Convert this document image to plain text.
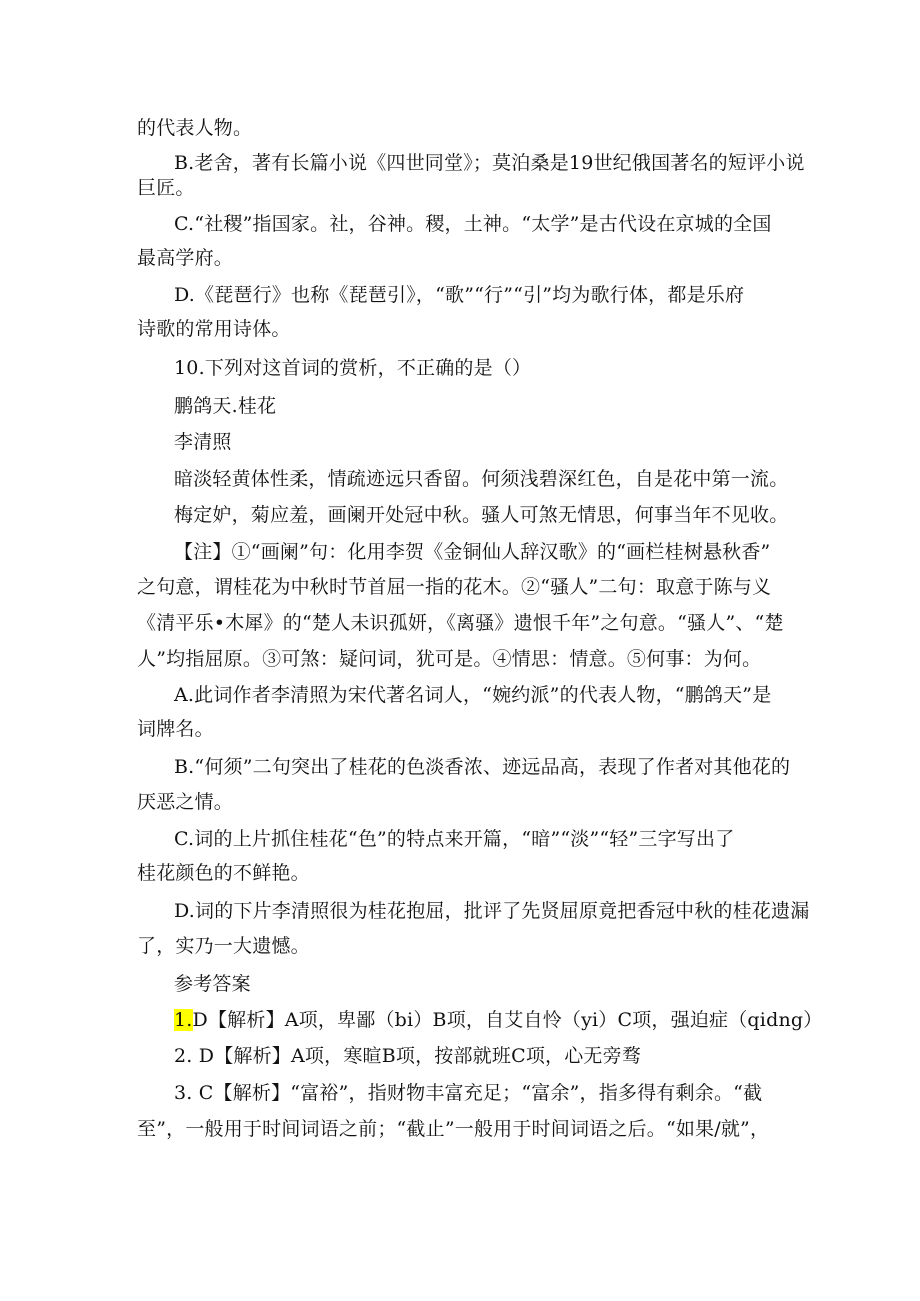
的代表人物。
B.老舍，著有长篇小说《四世同堂》；莫泊桑是19世纪俄国著名的短评小说
巨匠。
C.“社稷”指国家。社，谷神。稷，土神。“太学”是古代设在京城的全国
最高学府。
D.《琵琶行》也称《琵琶引》，“歌”“行”“引”均为歌行体，都是乐府
诗歌的常用诗体。
10.下列对这首词的赏析，不正确的是（）
鹏鸽天.桂花
李清照
暗淡轻黄体性柔，情疏迹远只香留。何须浅碧深红色，自是花中第一流。
梅定妒，菊应羞，画阑开处冠中秋。骚人可煞无情思，何事当年不见收。
【注】①“画阑”句：化用李贺《金铜仙人辞汉歌》的“画栏桂树悬秋香”
之句意，谓桂花为中秋时节首屈一指的花木。②“骚人”二句：取意于陈与义
《清平乐•木犀》的“楚人未识孤妍，《离骚》遗恨千年”之句意。“骚人”、“楚
人”均指屈原。③可煞：疑问词，犹可是。④情思：情意。⑤何事：为何。
A.此词作者李清照为宋代著名词人，“婉约派”的代表人物，“鹏鸽天”是
词牌名。
B.“何须”二句突出了桂花的色淡香浓、迹远品高，表现了作者对其他花的
厌恶之情。
C.词的上片抓住桂花“色”的特点来开篇，“暗”“淡”“轻”三字写出了
桂花颜色的不鲜艳。
D.词的下片李清照很为桂花抱屈，批评了先贤屈原竟把香冠中秋的桂花遗漏
了，实乃一大遗憾。
参考答案
1.D【解析】A项，卑鄙（bi）B项，自艾自怜（yi）C项，强迫症（qidng）
2. D【解析】A项，寒暄B项，按部就班C项，心无旁骛
3. C【解析】“富裕”，指财物丰富充足；“富余”，指多得有剩余。“截
至”，一般用于时间词语之前；“截止”一般用于时间词语之后。“如果/就”，
